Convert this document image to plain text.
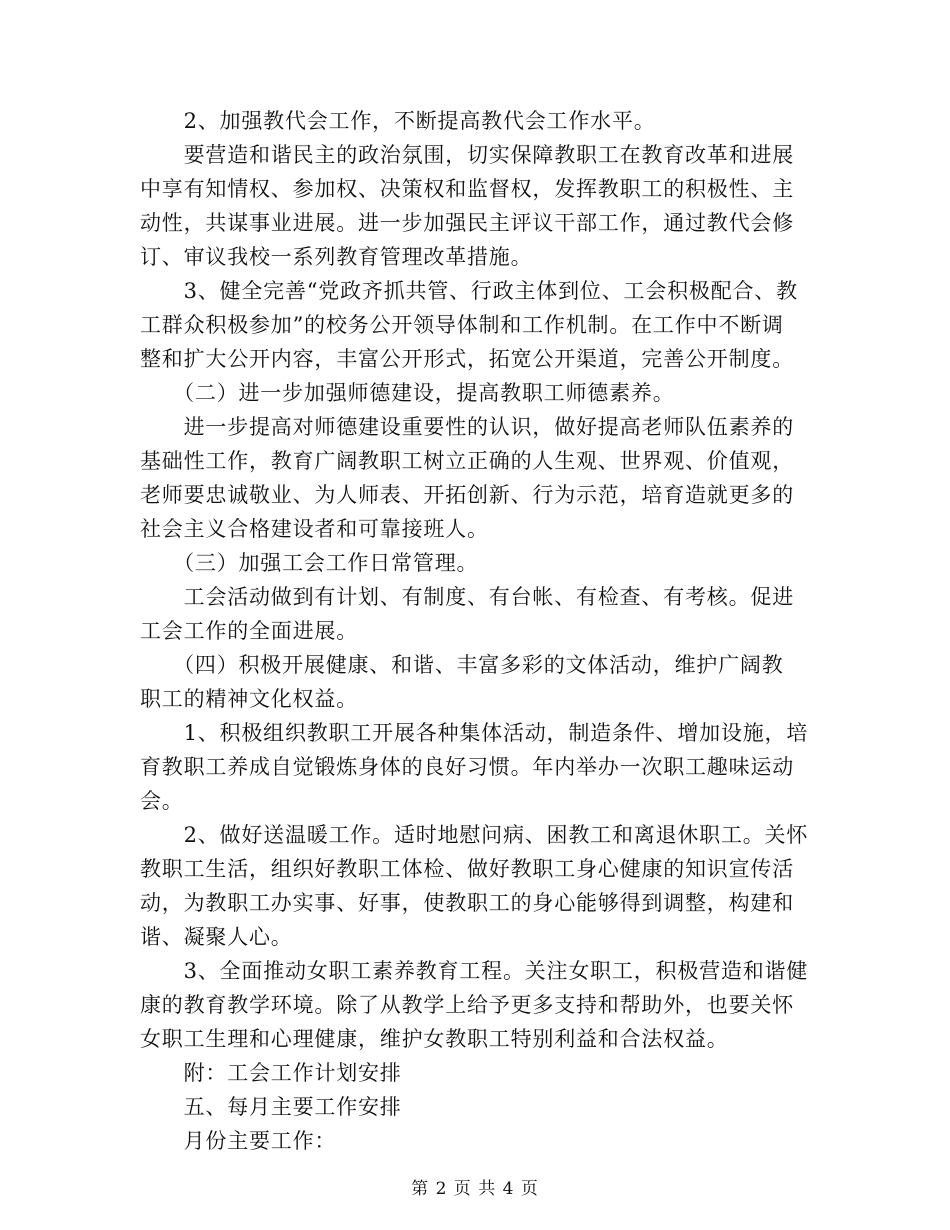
　　2、加强教代会工作，不断提高教代会工作水平。
　　要营造和谐民主的政治氛围，切实保障教职工在教育改革和进展
中享有知情权、参加权、决策权和监督权，发挥教职工的积极性、主
动性，共谋事业进展。进一步加强民主评议干部工作，通过教代会修
订、审议我校一系列教育管理改革措施。
　　3、健全完善“党政齐抓共管、行政主体到位、工会积极配合、教
工群众积极参加”的校务公开领导体制和工作机制。在工作中不断调
整和扩大公开内容，丰富公开形式，拓宽公开渠道，完善公开制度。
　　（二）进一步加强师德建设，提高教职工师德素养。
　　进一步提高对师德建设重要性的认识，做好提高老师队伍素养的
基础性工作，教育广阔教职工树立正确的人生观、世界观、价值观，
老师要忠诚敬业、为人师表、开拓创新、行为示范，培育造就更多的
社会主义合格建设者和可靠接班人。
　　（三）加强工会工作日常管理。
　　工会活动做到有计划、有制度、有台帐、有检查、有考核。促进
工会工作的全面进展。
　　（四）积极开展健康、和谐、丰富多彩的文体活动，维护广阔教
职工的精神文化权益。
　　1、积极组织教职工开展各种集体活动，制造条件、增加设施，培
育教职工养成自觉锻炼身体的良好习惯。年内举办一次职工趣味运动
会。
　　2、做好送温暖工作。适时地慰问病、困教工和离退休职工。关怀
教职工生活，组织好教职工体检、做好教职工身心健康的知识宣传活
动，为教职工办实事、好事，使教职工的身心能够得到调整，构建和
谐、凝聚人心。
　　3、全面推动女职工素养教育工程。关注女职工，积极营造和谐健
康的教育教学环境。除了从教学上给予更多支持和帮助外，也要关怀
女职工生理和心理健康，维护女教职工特别利益和合法权益。
　　附：工会工作计划安排
　　五、每月主要工作安排
　　月份主要工作：
第 2 页 共 4 页
